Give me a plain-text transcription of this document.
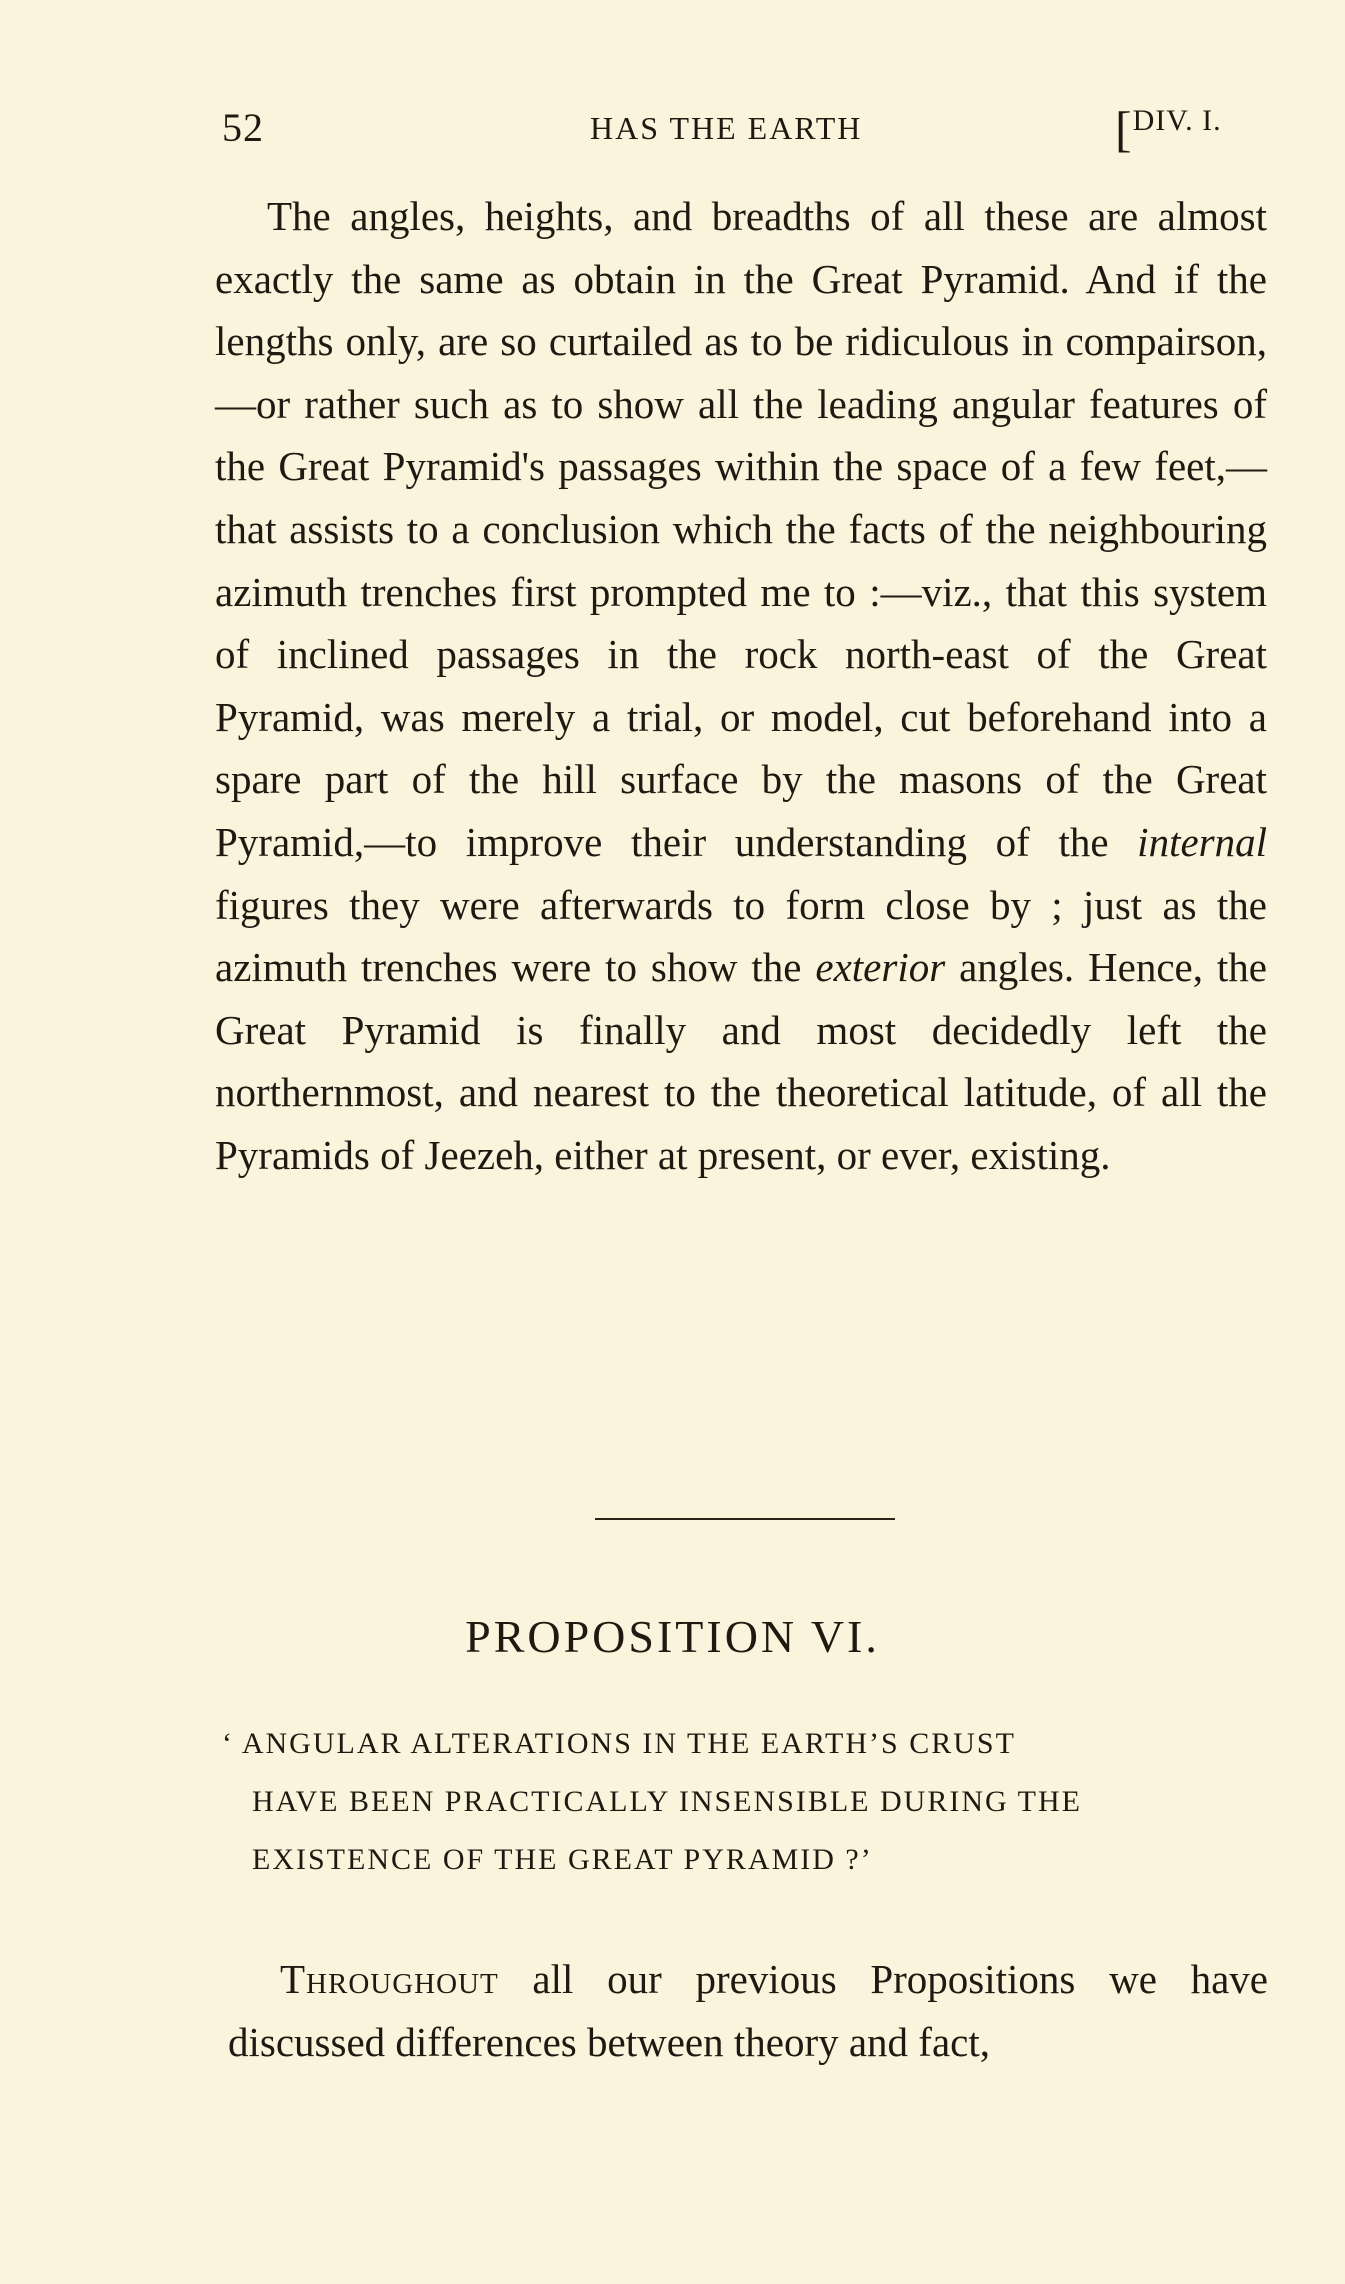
52	HAS THE EARTH	[$^{DIV. I.}$

The angles, heights, and breadths of all these are almost exactly the same as obtain in the Great Pyramid. And if the lengths only, are so curtailed as to be ridiculous in compairson,—or rather such as to show all the leading angular features of the Great Pyramid's passages within the space of a few feet,—that assists to a conclusion which the facts of the neighbouring azimuth trenches first prompted me to :—viz., that this system of inclined passages in the rock north-east of the Great Pyramid, was merely a trial, or model, cut beforehand into a spare part of the hill surface by the masons of the Great Pyramid,—to improve their understanding of the internal figures they were afterwards to form close by ; just as the azimuth trenches were to show the exterior angles. Hence, the Great Pyramid is finally and most decidedly left the northernmost, and nearest to the theoretical latitude, of all the Pyramids of Jeezeh, either at present, or ever, existing.

PROPOSITION VI.
‘ ANGULAR ALTERATIONS IN THE EARTH’S CRUST
HAVE BEEN PRACTICALLY INSENSIBLE DURING THE
EXISTENCE OF THE GREAT PYRAMID ?’

Throughout all our previous Propositions we have discussed differences between theory and fact,
